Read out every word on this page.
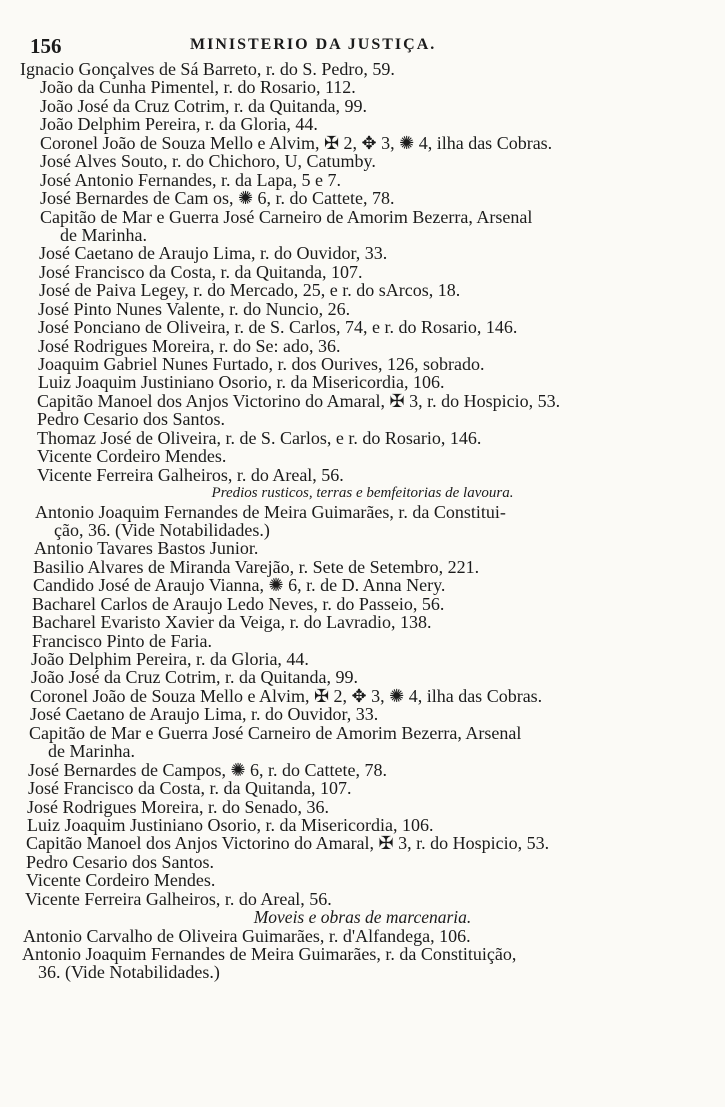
156	MINISTERIO DA JUSTIÇA.
Ignacio Gonçalves de Sá Barreto, r. do S. Pedro, 59.
João da Cunha Pimentel, r. do Rosario, 112.
João José da Cruz Cotrim, r. da Quitanda, 99.
João Delphim Pereira, r. da Gloria, 44.
Coronel João de Souza Mello e Alvim, ✠ 2, ✥ 3, ✺ 4, ilha das Cobras.
José Alves Souto, r. do Chichoro, U, Catumby.
José Antonio Fernandes, r. da Lapa, 5 e 7.
José Bernardes de Cam os, ✺ 6, r. do Cattete, 78.
Capitão de Mar e Guerra José Carneiro de Amorim Bezerra, Arsenal
de Marinha.
José Caetano de Araujo Lima, r. do Ouvidor, 33.
José Francisco da Costa, r. da Quitanda, 107.
José de Paiva Legey, r. do Mercado, 25, e r. do sArcos, 18.
José Pinto Nunes Valente, r. do Nuncio, 26.
José Ponciano de Oliveira, r. de S. Carlos, 74, e r. do Rosario, 146.
José Rodrigues Moreira, r. do Se: ado, 36.
Joaquim Gabriel Nunes Furtado, r. dos Ourives, 126, sobrado.
Luiz Joaquim Justiniano Osorio, r. da Misericordia, 106.
Capitão Manoel dos Anjos Victorino do Amaral, ✠ 3, r. do Hospicio, 53.
Pedro Cesario dos Santos.
Thomaz José de Oliveira, r. de S. Carlos, e r. do Rosario, 146.
Vicente Cordeiro Mendes.
Vicente Ferreira Galheiros, r. do Areal, 56.
Predios rusticos, terras e bemfeitorias de lavoura.
Antonio Joaquim Fernandes de Meira Guimarães, r. da Constitui-
ção, 36. (Vide Notabilidades.)
Antonio Tavares Bastos Junior.
Basilio Alvares de Miranda Varejão, r. Sete de Setembro, 221.
Candido José de Araujo Vianna, ✺ 6, r. de D. Anna Nery.
Bacharel Carlos de Araujo Ledo Neves, r. do Passeio, 56.
Bacharel Evaristo Xavier da Veiga, r. do Lavradio, 138.
Francisco Pinto de Faria.
João Delphim Pereira, r. da Gloria, 44.
João José da Cruz Cotrim, r. da Quitanda, 99.
Coronel João de Souza Mello e Alvim, ✠ 2, ✥ 3, ✺ 4, ilha das Cobras.
José Caetano de Araujo Lima, r. do Ouvidor, 33.
Capitão de Mar e Guerra José Carneiro de Amorim Bezerra, Arsenal
de Marinha.
José Bernardes de Campos, ✺ 6, r. do Cattete, 78.
José Francisco da Costa, r. da Quitanda, 107.
José Rodrigues Moreira, r. do Senado, 36.
Luiz Joaquim Justiniano Osorio, r. da Misericordia, 106.
Capitão Manoel dos Anjos Victorino do Amaral, ✠ 3, r. do Hospicio, 53.
Pedro Cesario dos Santos.
Vicente Cordeiro Mendes.
Vicente Ferreira Galheiros, r. do Areal, 56.
Moveis e obras de marcenaria.
Antonio Carvalho de Oliveira Guimarães, r. d'Alfandega, 106.
Antonio Joaquim Fernandes de Meira Guimarães, r. da Constituição,
36. (Vide Notabilidades.)
